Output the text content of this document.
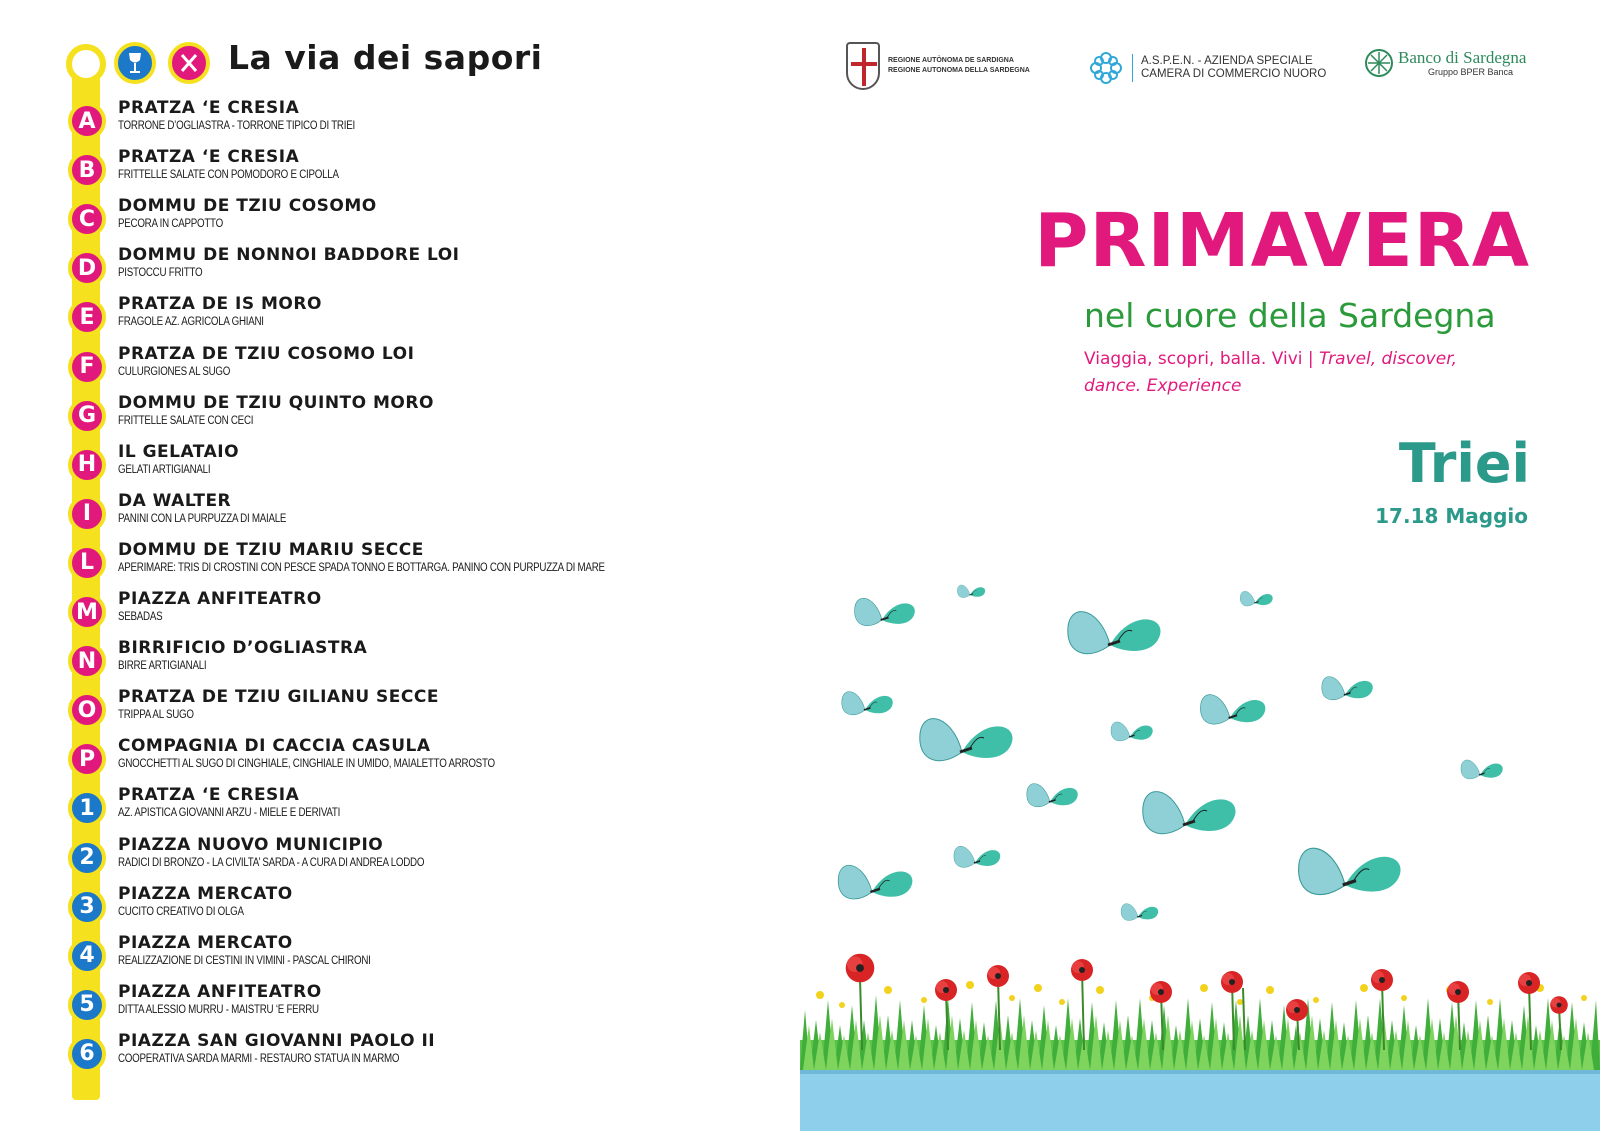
La via dei sapori
A
PRATZA ‘E CRESIA
TORRONE D’OGLIASTRA - TORRONE TIPICO DI TRIEI
B
PRATZA ‘E CRESIA
FRITTELLE SALATE CON POMODORO E CIPOLLA
C
DOMMU DE TZIU COSOMO
PECORA IN CAPPOTTO
D
DOMMU DE NONNOI BADDORE LOI
PISTOCCU FRITTO
E
PRATZA DE IS MORO
FRAGOLE AZ. AGRICOLA GHIANI
F
PRATZA DE TZIU COSOMO LOI
CULURGIONES AL SUGO
G
DOMMU DE TZIU QUINTO MORO
FRITTELLE SALATE CON CECI
H
IL GELATAIO
GELATI ARTIGIANALI
I
DA WALTER
PANINI CON LA PURPUZZA DI MAIALE
L
DOMMU DE TZIU MARIU SECCE
APERIMARE: TRIS DI CROSTINI CON PESCE SPADA TONNO E BOTTARGA. PANINO CON PURPUZZA DI MARE
M
PIAZZA ANFITEATRO
SEBADAS
N
BIRRIFICIO D’OGLIASTRA
BIRRE ARTIGIANALI
O
PRATZA DE TZIU GILIANU SECCE
TRIPPA AL SUGO
P
COMPAGNIA DI CACCIA CASULA
GNOCCHETTI AL SUGO DI CINGHIALE, CINGHIALE IN UMIDO, MAIALETTO ARROSTO
1
PRATZA ‘E CRESIA
AZ. APISTICA GIOVANNI ARZU - MIELE E DERIVATI
2
PIAZZA NUOVO MUNICIPIO
RADICI DI BRONZO - LA CIVILTA’ SARDA - A CURA DI ANDREA LODDO
3
PIAZZA MERCATO
CUCITO CREATIVO DI OLGA
4
PIAZZA MERCATO
REALIZZAZIONE DI CESTINI IN VIMINI - PASCAL CHIRONI
5
PIAZZA ANFITEATRO
DITTA ALESSIO MURRU - MAISTRU ‘E FERRU
6
PIAZZA SAN GIOVANNI PAOLO II
COOPERATIVA SARDA MARMI - RESTAURO STATUA IN MARMO
REGIONE AUTÒNOMA DE SARDIGNA
REGIONE AUTONOMA DELLA SARDEGNA
A.S.P.E.N. - AZIENDA SPECIALE
CAMERA DI COMMERCIO NUORO
Banco di Sardegna
Gruppo BPER Banca
PRIMAVERA
nel cuore della Sardegna
Viaggia, scopri, balla. Vivi | Travel, discover, dance. Experience
Triei
17.18 Maggio
